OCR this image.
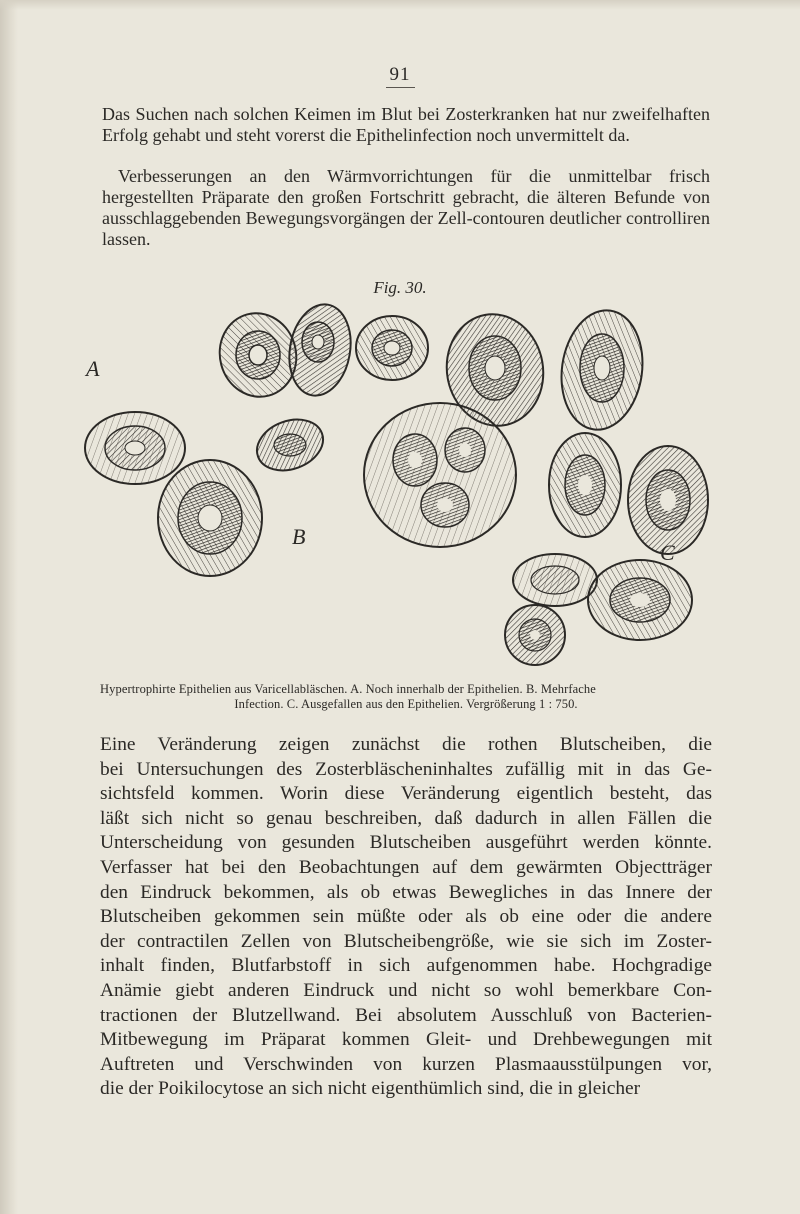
91
Das Suchen nach solchen Keimen im Blut bei Zosterkranken hat nur zweifelhaften Erfolg gehabt und steht vorerst die Epithelinfection noch unvermittelt da.
Verbesserungen an den Wärmvorrichtungen für die unmittelbar frisch hergestellten Präparate den großen Fortschritt gebracht, die älteren Befunde von ausschlaggebenden Bewegungsvorgängen der Zell-contouren deutlicher controlliren lassen.
Fig. 30.
A
B
C
Hypertrophirte Epithelien aus Varicellabläschen. A. Noch innerhalb der Epithelien. B. Mehrfache
Infection. C. Ausgefallen aus den Epithelien. Vergrößerung 1 : 750.
Eine Veränderung zeigen zunächst die rothen Blutscheiben, die
bei Untersuchungen des Zosterbläscheninhaltes zufällig mit in das Ge-
sichtsfeld kommen. Worin diese Veränderung eigentlich besteht, das
läßt sich nicht so genau beschreiben, daß dadurch in allen Fällen die
Unterscheidung von gesunden Blutscheiben ausgeführt werden könnte.
Verfasser hat bei den Beobachtungen auf dem gewärmten Objectträger
den Eindruck bekommen, als ob etwas Bewegliches in das Innere der
Blutscheiben gekommen sein müßte oder als ob eine oder die andere
der contractilen Zellen von Blutscheibengröße, wie sie sich im Zoster-
inhalt finden, Blutfarbstoff in sich aufgenommen habe. Hochgradige
Anämie giebt anderen Eindruck und nicht so wohl bemerkbare Con-
tractionen der Blutzellwand. Bei absolutem Ausschluß von Bacterien-
Mitbewegung im Präparat kommen Gleit- und Drehbewegungen mit
Auftreten und Verschwinden von kurzen Plasmaausstülpungen vor,
die der Poikilocytose an sich nicht eigenthümlich sind, die in gleicher
